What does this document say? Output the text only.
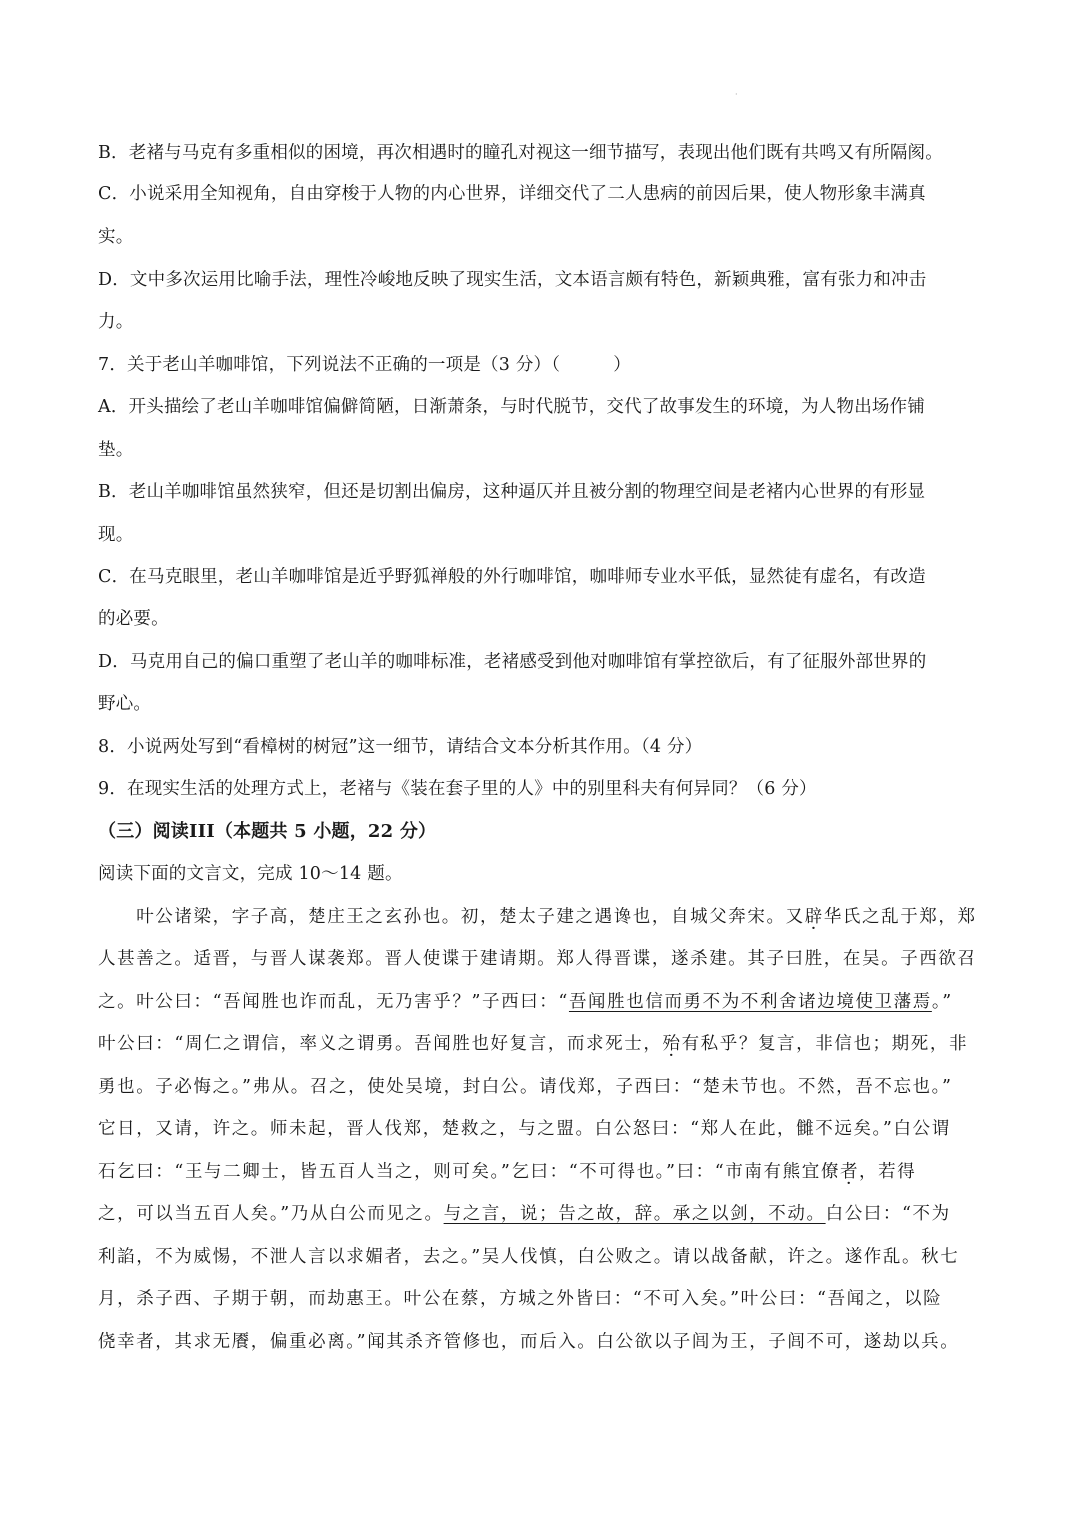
·
B．老褚与马克有多重相似的困境，再次相遇时的瞳孔对视这一细节描写，表现出他们既有共鸣又有所隔阂。
C．小说采用全知视角，自由穿梭于人物的内心世界，详细交代了二人患病的前因后果，使人物形象丰满真
实。
D．文中多次运用比喻手法，理性冷峻地反映了现实生活，文本语言颇有特色，新颖典雅，富有张力和冲击
力。
7．关于老山羊咖啡馆，下列说法不正确的一项是（3 分）（　　　）
A．开头描绘了老山羊咖啡馆偏僻简陋，日渐萧条，与时代脱节，交代了故事发生的环境，为人物出场作铺
垫。
B．老山羊咖啡馆虽然狭窄，但还是切割出偏房，这种逼仄并且被分割的物理空间是老褚内心世界的有形显
现。
C．在马克眼里，老山羊咖啡馆是近乎野狐禅般的外行咖啡馆，咖啡师专业水平低，显然徒有虚名，有改造
的必要。
D．马克用自己的偏口重塑了老山羊的咖啡标准，老褚感受到他对咖啡馆有掌控欲后，有了征服外部世界的
野心。
8．小说两处写到“看樟树的树冠”这一细节，请结合文本分析其作用。（4 分）
9．在现实生活的处理方式上，老褚与《装在套子里的人》中的别里科夫有何异同？（6 分）
（三）阅读III（本题共 5 小题，22 分）
阅读下面的文言文，完成 10～14 题。
　　叶公诸梁，字子高，楚庄王之玄孙也。初，楚太子建之遇谗也，自城父奔宋。又辟华氏之乱于郑，郑
人甚善之。适晋，与晋人谋袭郑。晋人使谍于建请期。郑人得晋谍，遂杀建。其子曰胜，在吴。子西欲召
之。叶公曰：“吾闻胜也诈而乱，无乃害乎？”子西曰：“吾闻胜也信而勇不为不利舍诸边境使卫藩焉。”
叶公曰：“周仁之谓信，率义之谓勇。吾闻胜也好复言，而求死士，殆有私乎？复言，非信也；期死，非
勇也。子必悔之。”弗从。召之，使处吴境，封白公。请伐郑，子西曰：“楚未节也。不然，吾不忘也。”
它日，又请，许之。师未起，晋人伐郑，楚救之，与之盟。白公怒曰：“郑人在此，雠不远矣。”白公谓
石乞曰：“王与二卿士，皆五百人当之，则可矣。”乞曰：“不可得也。”曰：“市南有熊宜僚者，若得
之，可以当五百人矣。”乃从白公而见之。与之言，说；告之故，辞。承之以剑，不动。白公曰：“不为
利諂，不为威惕，不泄人言以求媚者，去之。”吴人伐慎，白公败之。请以战备献，许之。遂作乱。秋七
月，杀子西、子期于朝，而劫惠王。叶公在蔡，方城之外皆曰：“不可入矣。”叶公曰：“吾闻之，以险
侥幸者，其求无餍，偏重必离。”闻其杀齐管修也，而后入。白公欲以子闾为王，子闾不可，遂劫以兵。
